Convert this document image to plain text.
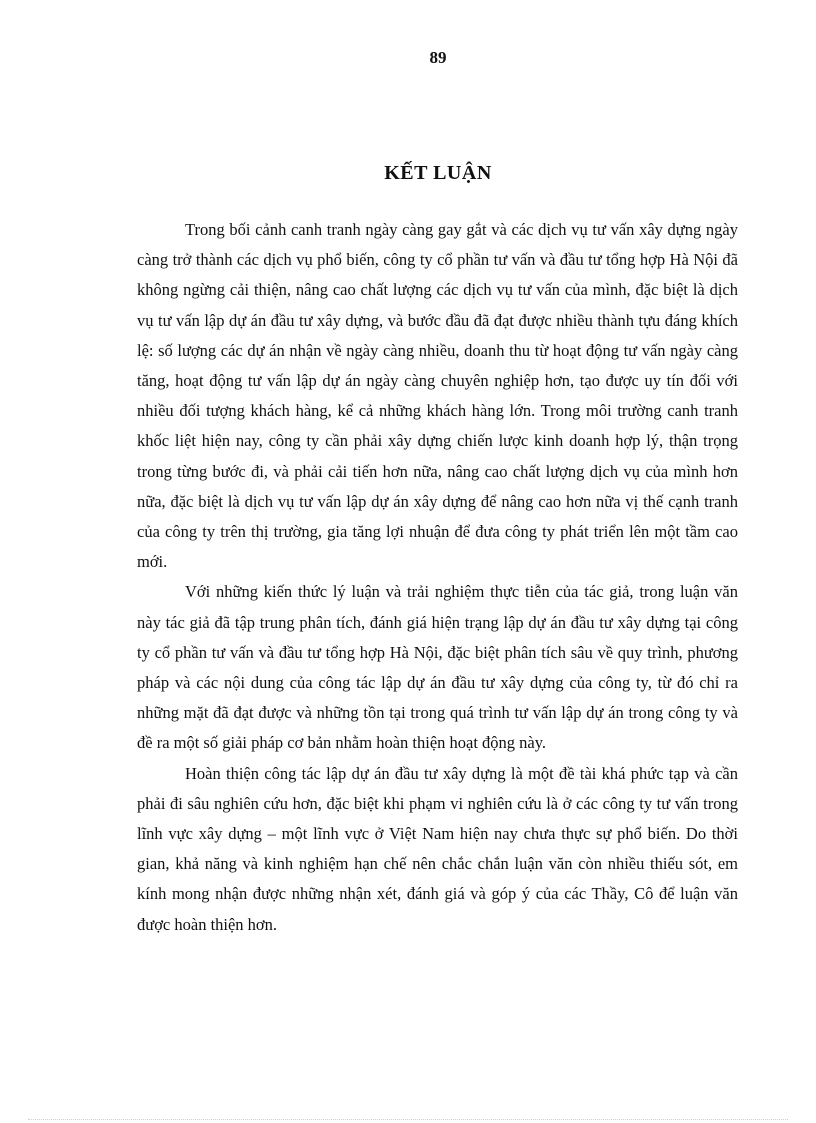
89
KẾT LUẬN

Trong bối cảnh canh tranh ngày càng gay gắt và các dịch vụ tư vấn xây dựng ngày càng trở thành các dịch vụ phổ biến, công ty cổ phần tư vấn và đầu tư tổng hợp Hà Nội đã không ngừng cải thiện, nâng cao chất lượng các dịch vụ tư vấn của mình, đặc biệt là dịch vụ tư vấn lập dự án đầu tư xây dựng, và bước đầu đã đạt được nhiều thành tựu đáng khích lệ: số lượng các dự án nhận về ngày càng nhiều, doanh thu từ hoạt động tư vấn ngày càng tăng, hoạt động tư vấn lập dự án ngày càng chuyên nghiệp hơn, tạo được uy tín đối với nhiều đối tượng khách hàng, kể cả những khách hàng lớn. Trong môi trường canh tranh khốc liệt hiện nay, công ty cần phải xây dựng chiến lược kinh doanh hợp lý, thận trọng trong từng bước đi, và phải cải tiến hơn nữa, nâng cao chất lượng dịch vụ của mình hơn nữa, đặc biệt là dịch vụ tư vấn lập dự án xây dựng để nâng cao hơn nữa vị thế cạnh tranh của công ty trên thị trường, gia tăng lợi nhuận để đưa công ty phát triển lên một tầm cao mới.

Với những kiến thức lý luận và trải nghiệm thực tiễn của tác giả, trong luận văn này tác giả đã tập trung phân tích, đánh giá hiện trạng lập dự án đầu tư xây dựng tại công ty cổ phần tư vấn và đầu tư tổng hợp Hà Nội, đặc biệt phân tích sâu về quy trình, phương pháp và các nội dung của công tác lập dự án đầu tư xây dựng của công ty, từ đó chỉ ra những mặt đã đạt được và những tồn tại trong quá trình tư vấn lập dự án trong công ty và đề ra một số giải pháp cơ bản nhằm hoàn thiện hoạt động này.

Hoàn thiện công tác lập dự án đầu tư xây dựng là một đề tài khá phức tạp và cần phải đi sâu nghiên cứu hơn, đặc biệt khi phạm vi nghiên cứu là ở các công ty tư vấn trong lĩnh vực xây dựng – một lĩnh vực ở Việt Nam hiện nay chưa thực sự phổ biến. Do thời gian, khả năng và kinh nghiệm hạn chế nên chắc chắn luận văn còn nhiều thiếu sót, em kính mong nhận được những nhận xét, đánh giá và góp ý của các Thầy, Cô để luận văn được hoàn thiện hơn.
